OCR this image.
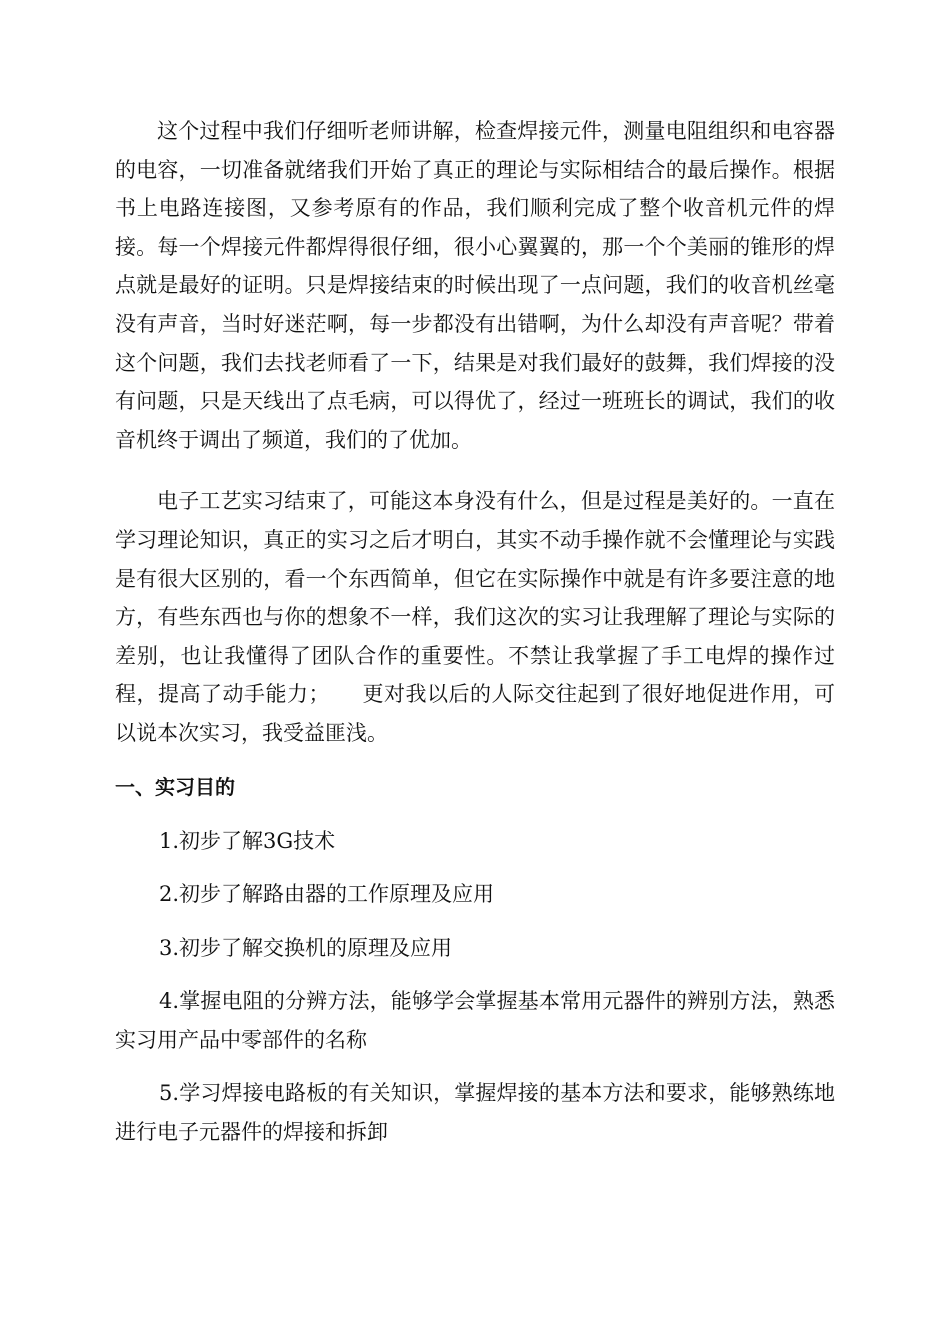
这个过程中我们仔细听老师讲解，检查焊接元件，测量电阻组织和电容器的电容，一切准备就绪我们开始了真正的理论与实际相结合的最后操作。根据书上电路连接图，又参考原有的作品，我们顺利完成了整个收音机元件的焊接。每一个焊接元件都焊得很仔细，很小心翼翼的，那一个个美丽的锥形的焊点就是最好的证明。只是焊接结束的时候出现了一点问题，我们的收音机丝毫没有声音，当时好迷茫啊，每一步都没有出错啊，为什么却没有声音呢？带着这个问题，我们去找老师看了一下，结果是对我们最好的鼓舞，我们焊接的没有问题，只是天线出了点毛病，可以得优了，经过一班班长的调试，我们的收音机终于调出了频道，我们的了优加。

电子工艺实习结束了，可能这本身没有什么，但是过程是美好的。一直在学习理论知识，真正的实习之后才明白，其实不动手操作就不会懂理论与实践是有很大区别的，看一个东西简单，但它在实际操作中就是有许多要注意的地方，有些东西也与你的想象不一样，我们这次的实习让我理解了理论与实际的差别，也让我懂得了团队合作的重要性。不禁让我掌握了手工电焊的操作过程，提高了动手能力；　　更对我以后的人际交往起到了很好地促进作用，可以说本次实习，我受益匪浅。

一、实习目的
1.初步了解3G技术
2.初步了解路由器的工作原理及应用
3.初步了解交换机的原理及应用
4.掌握电阻的分辨方法，能够学会掌握基本常用元器件的辨别方法，熟悉实习用产品中零部件的名称
5.学习焊接电路板的有关知识，掌握焊接的基本方法和要求，能够熟练地进行电子元器件的焊接和拆卸
